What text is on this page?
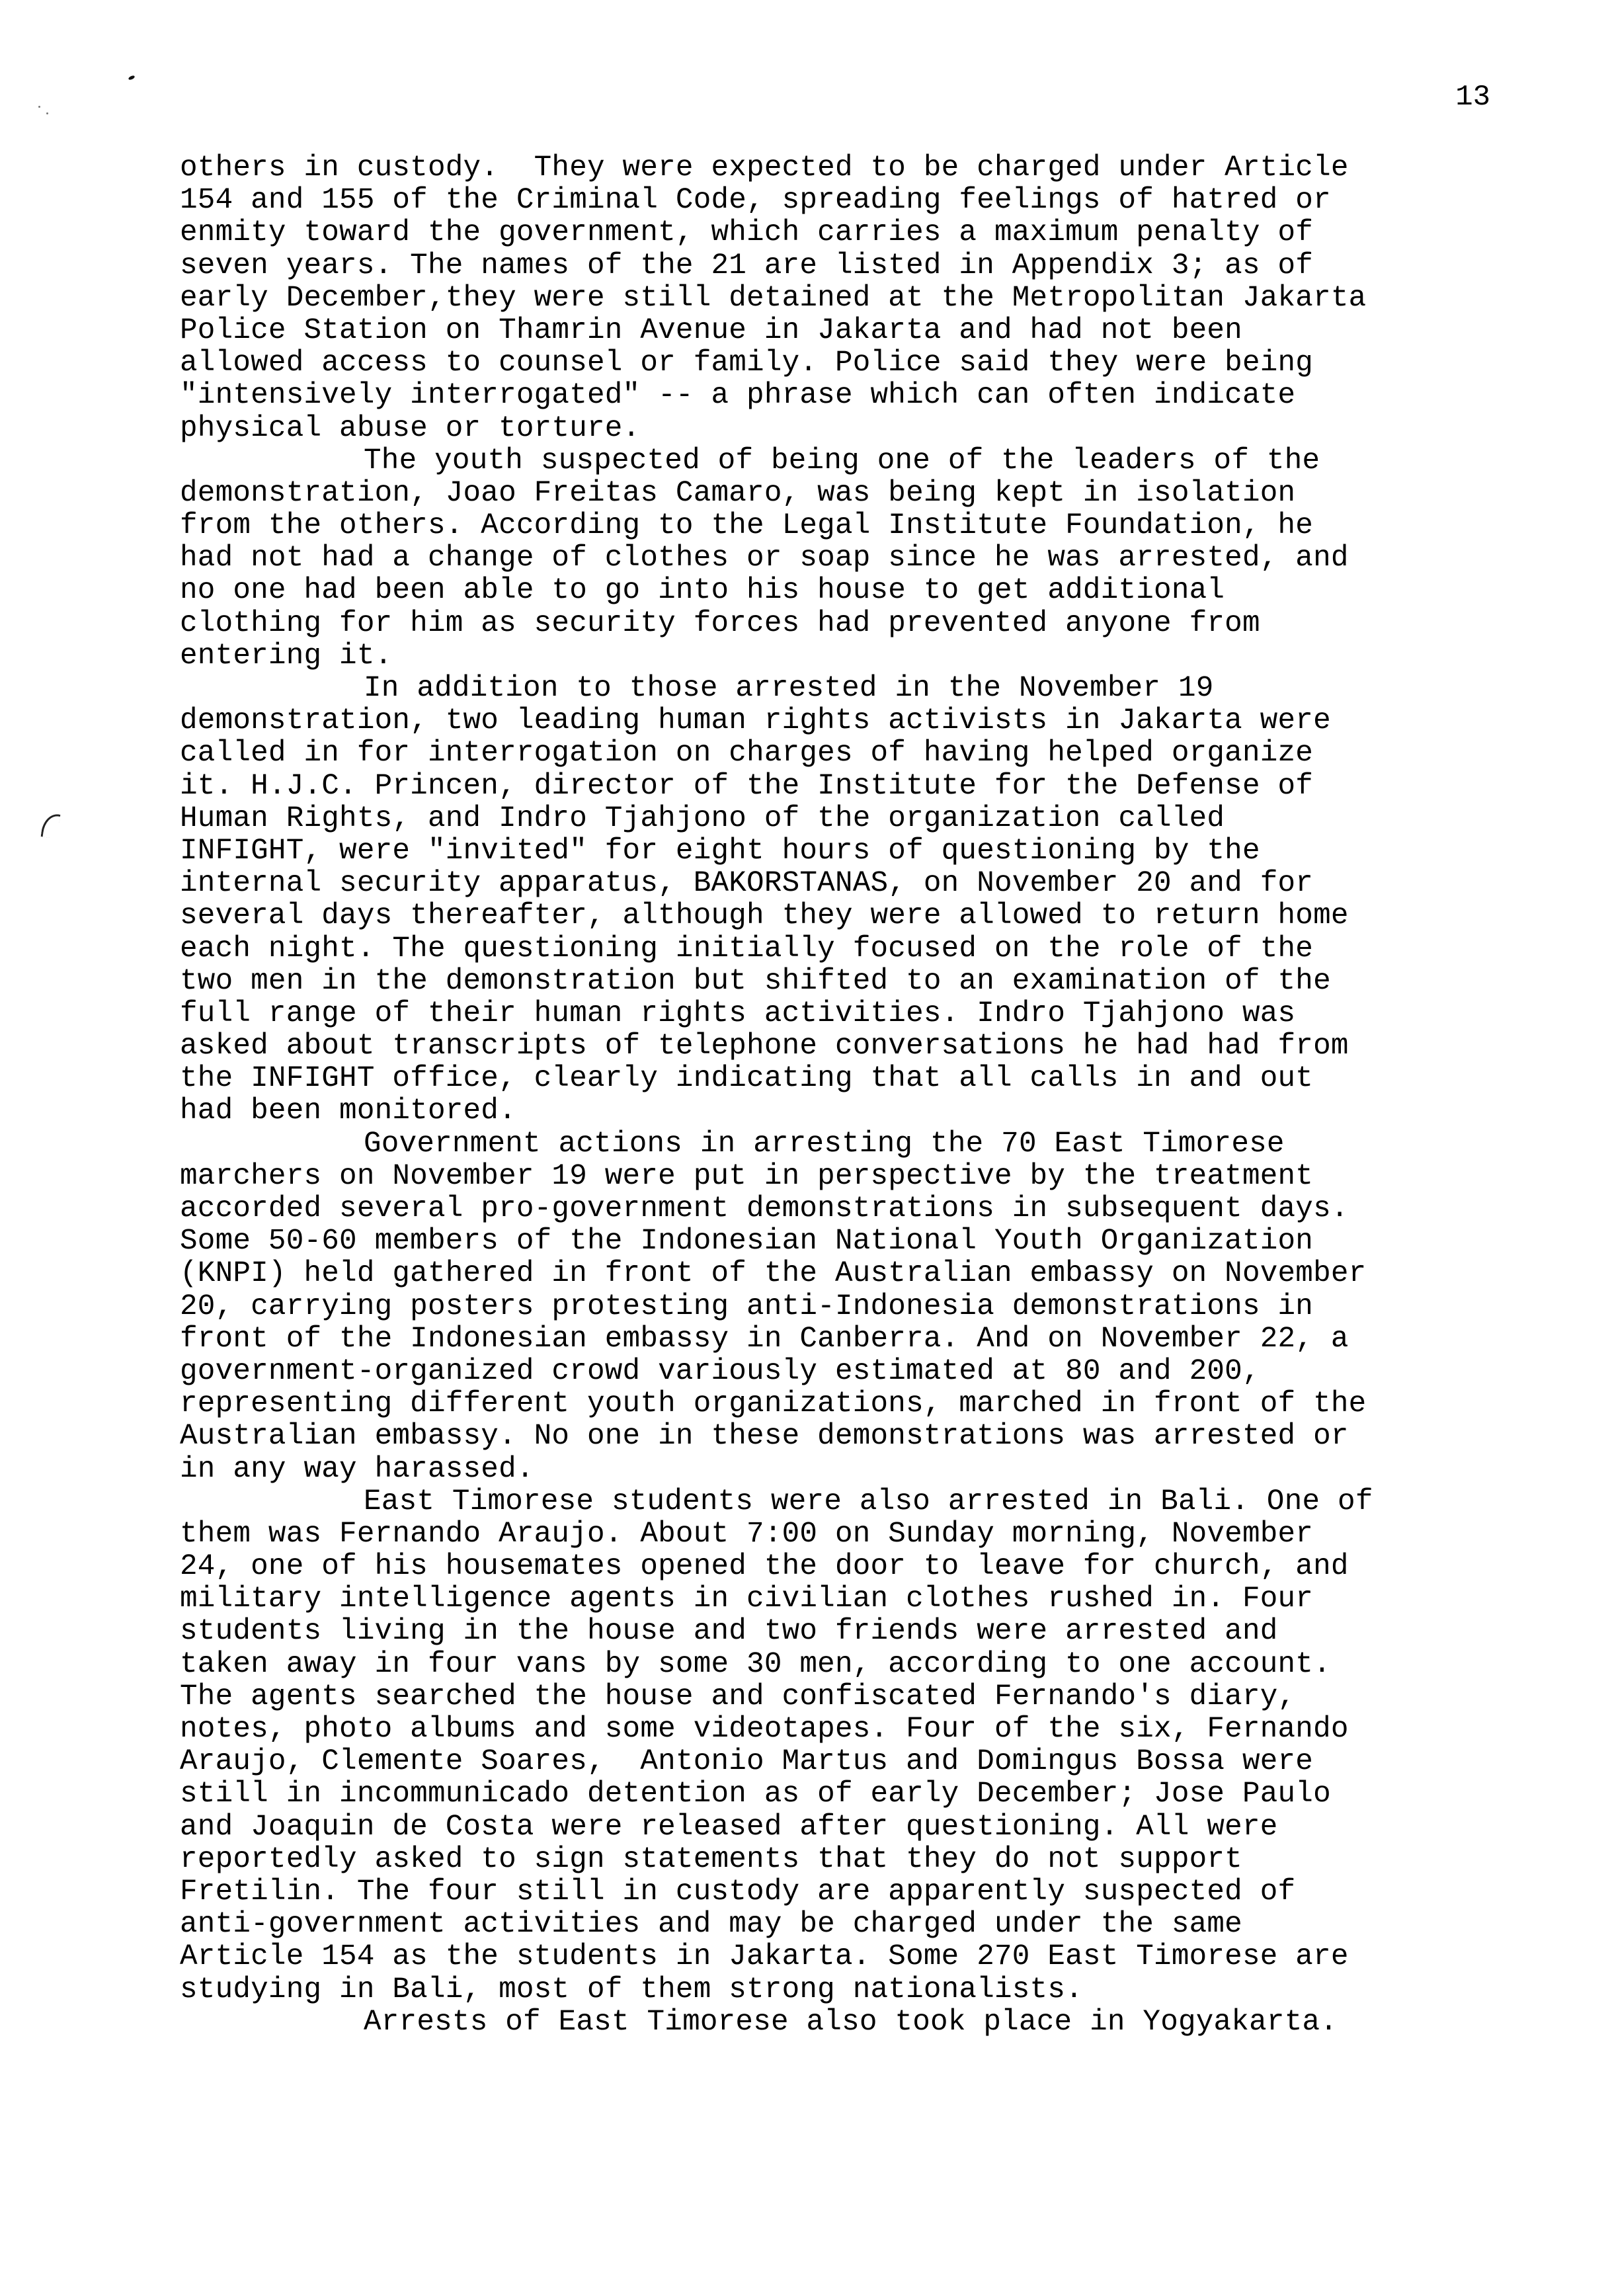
13
others in custody.  They were expected to be charged under Article
154 and 155 of the Criminal Code, spreading feelings of hatred or
enmity toward the government, which carries a maximum penalty of
seven years. The names of the 21 are listed in Appendix 3; as of
early December,they were still detained at the Metropolitan Jakarta
Police Station on Thamrin Avenue in Jakarta and had not been
allowed access to counsel or family. Police said they were being
"intensively interrogated" -- a phrase which can often indicate
physical abuse or torture.
The youth suspected of being one of the leaders of the
demonstration, Joao Freitas Camaro, was being kept in isolation
from the others. According to the Legal Institute Foundation, he
had not had a change of clothes or soap since he was arrested, and
no one had been able to go into his house to get additional
clothing for him as security forces had prevented anyone from
entering it.
In addition to those arrested in the November 19
demonstration, two leading human rights activists in Jakarta were
called in for interrogation on charges of having helped organize
it. H.J.C. Princen, director of the Institute for the Defense of
Human Rights, and Indro Tjahjono of the organization called
INFIGHT, were "invited" for eight hours of questioning by the
internal security apparatus, BAKORSTANAS, on November 20 and for
several days thereafter, although they were allowed to return home
each night. The questioning initially focused on the role of the
two men in the demonstration but shifted to an examination of the
full range of their human rights activities. Indro Tjahjono was
asked about transcripts of telephone conversations he had had from
the INFIGHT office, clearly indicating that all calls in and out
had been monitored.
Government actions in arresting the 70 East Timorese
marchers on November 19 were put in perspective by the treatment
accorded several pro-government demonstrations in subsequent days.
Some 50-60 members of the Indonesian National Youth Organization
(KNPI) held gathered in front of the Australian embassy on November
20, carrying posters protesting anti-Indonesia demonstrations in
front of the Indonesian embassy in Canberra. And on November 22, a
government-organized crowd variously estimated at 80 and 200,
representing different youth organizations, marched in front of the
Australian embassy. No one in these demonstrations was arrested or
in any way harassed.
East Timorese students were also arrested in Bali. One of
them was Fernando Araujo. About 7:00 on Sunday morning, November
24, one of his housemates opened the door to leave for church, and
military intelligence agents in civilian clothes rushed in. Four
students living in the house and two friends were arrested and
taken away in four vans by some 30 men, according to one account.
The agents searched the house and confiscated Fernando's diary,
notes, photo albums and some videotapes. Four of the six, Fernando
Araujo, Clemente Soares,  Antonio Martus and Domingus Bossa were
still in incommunicado detention as of early December; Jose Paulo
and Joaquin de Costa were released after questioning. All were
reportedly asked to sign statements that they do not support
Fretilin. The four still in custody are apparently suspected of
anti-government activities and may be charged under the same
Article 154 as the students in Jakarta. Some 270 East Timorese are
studying in Bali, most of them strong nationalists.
Arrests of East Timorese also took place in Yogyakarta.
